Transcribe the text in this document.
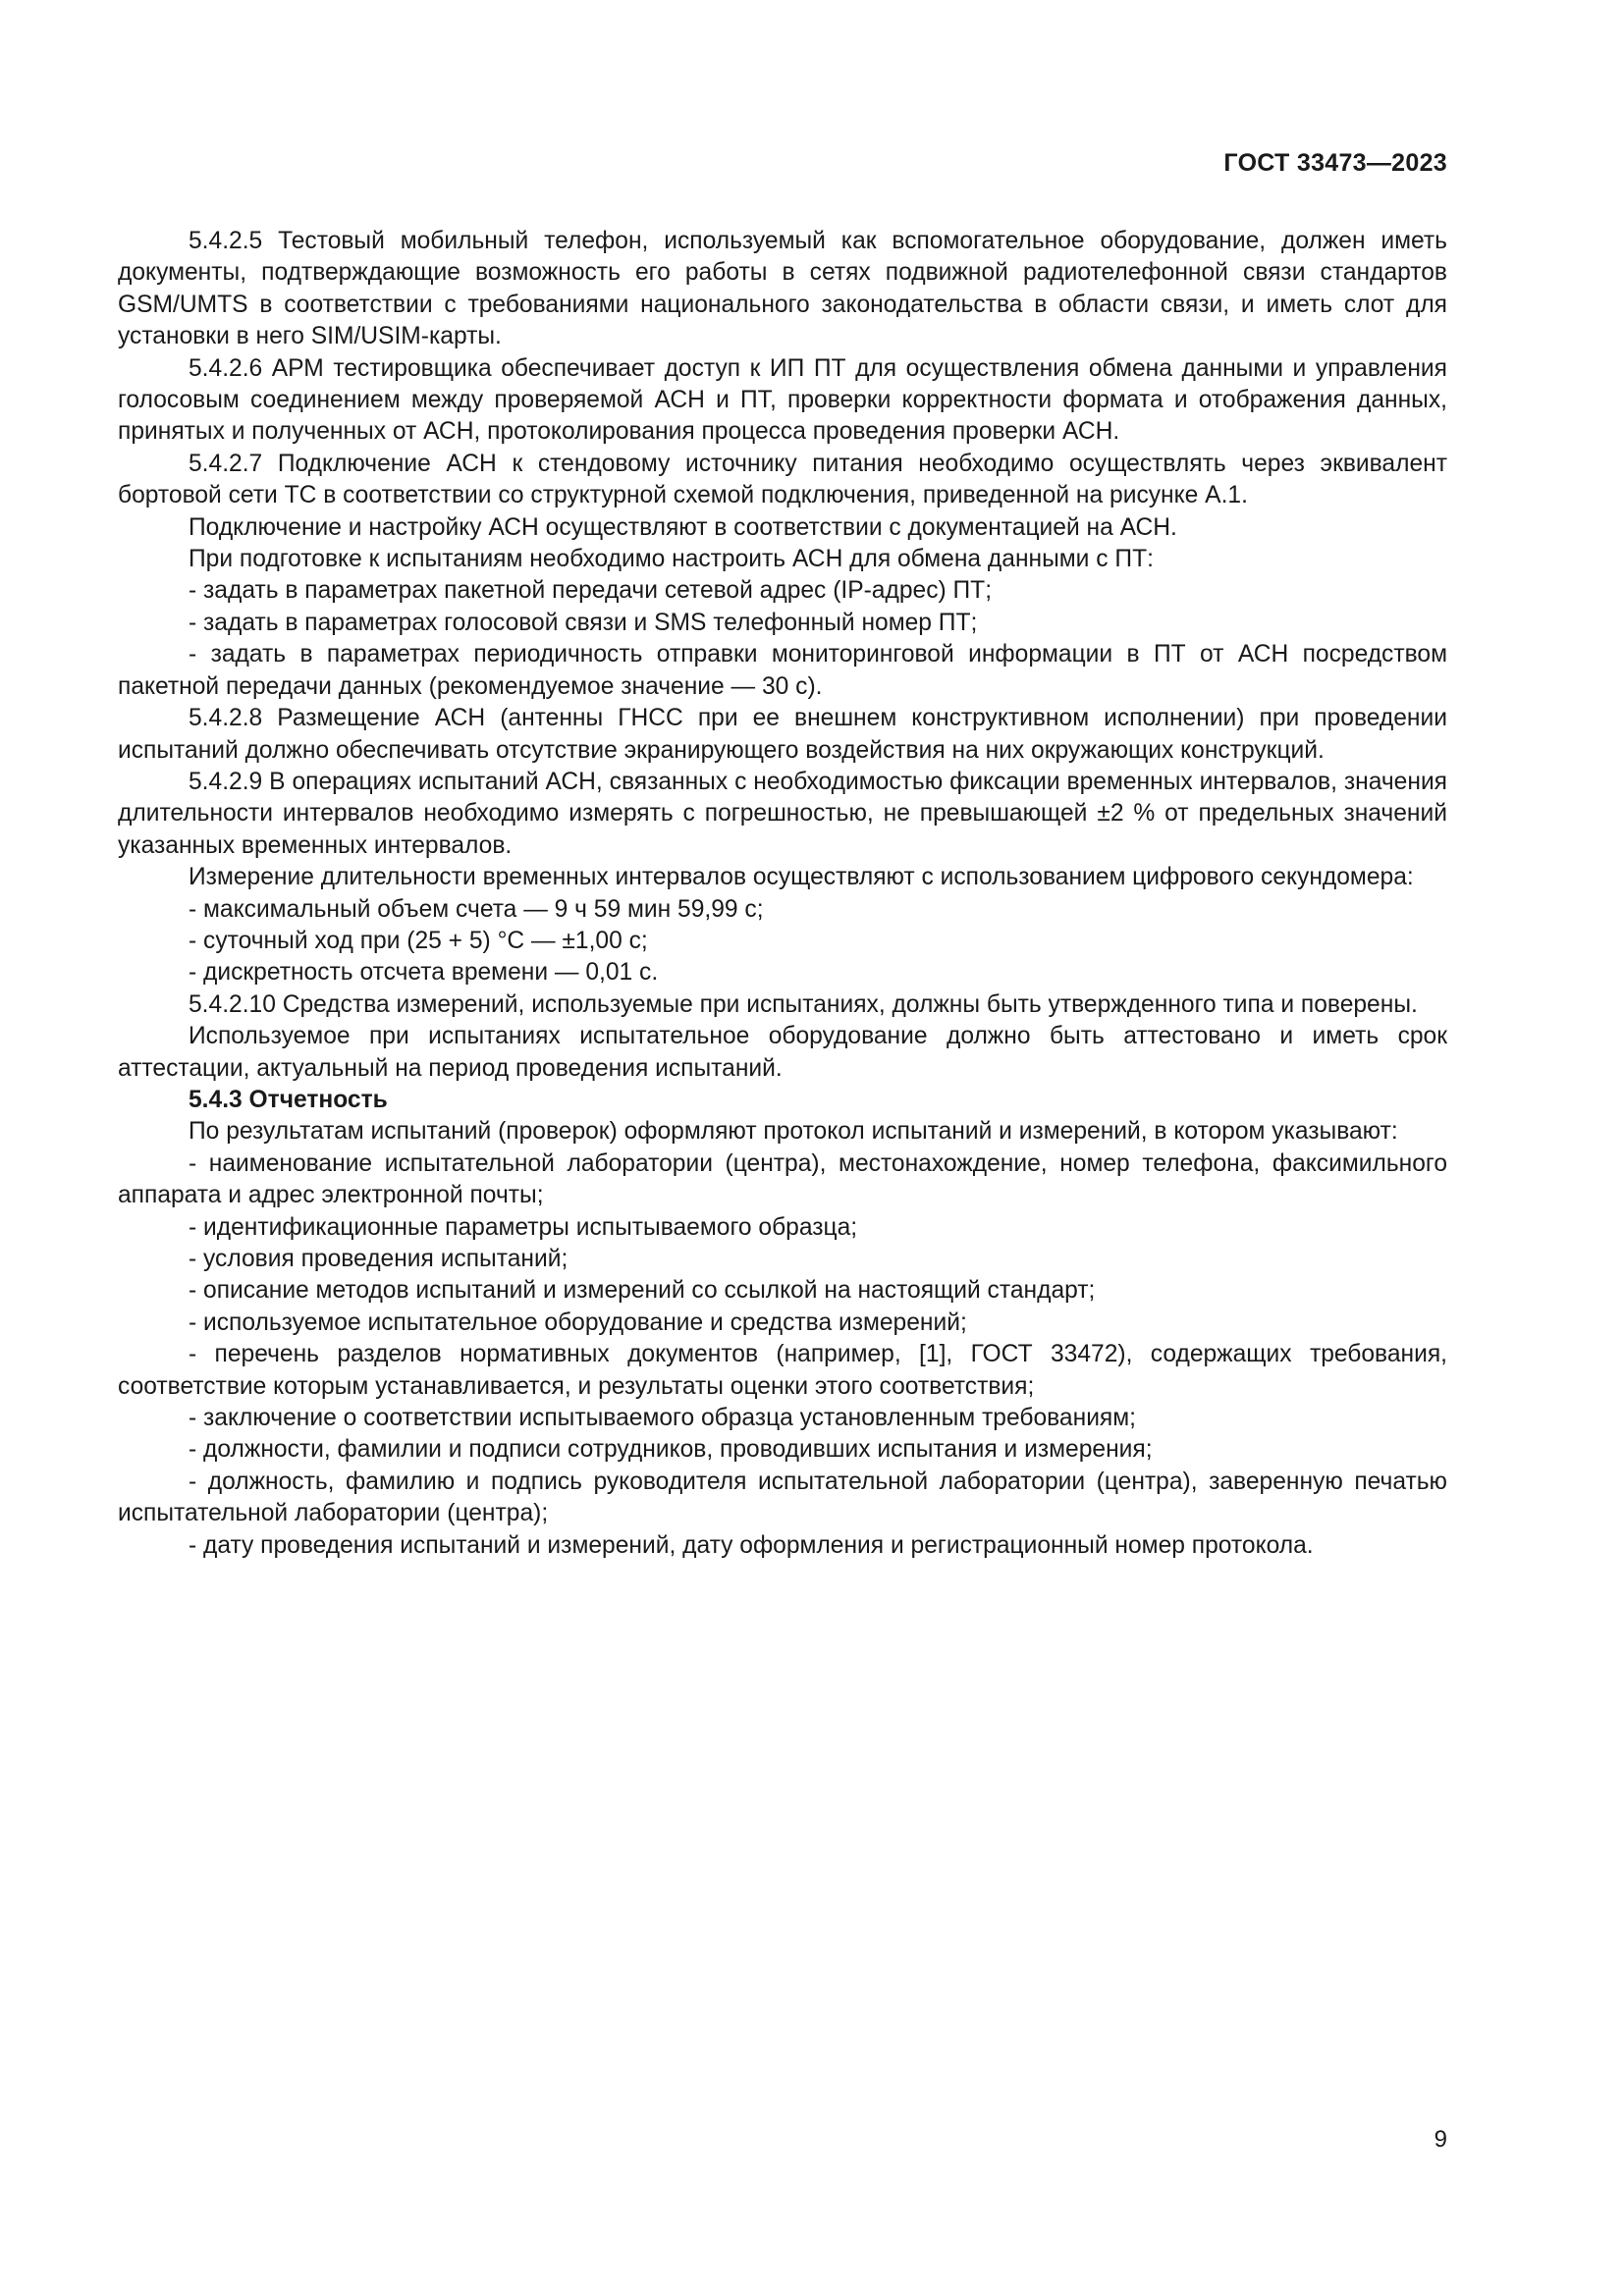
ГОСТ 33473—2023

5.4.2.5 Тестовый мобильный телефон, используемый как вспомогательное оборудование, должен иметь документы, подтверждающие возможность его работы в сетях подвижной радиотелефонной связи стандартов GSM/UMTS в соответствии с требованиями национального законодательства в области связи, и иметь слот для установки в него SIM/USIM-карты.

5.4.2.6 АРМ тестировщика обеспечивает доступ к ИП ПТ для осуществления обмена данными и управления голосовым соединением между проверяемой АСН и ПТ, проверки корректности формата и отображения данных, принятых и полученных от АСН, протоколирования процесса проведения проверки АСН.

5.4.2.7 Подключение АСН к стендовому источнику питания необходимо осуществлять через эквивалент бортовой сети ТС в соответствии со структурной схемой подключения, приведенной на рисунке А.1.

Подключение и настройку АСН осуществляют в соответствии с документацией на АСН.

При подготовке к испытаниям необходимо настроить АСН для обмена данными с ПТ:

- задать в параметрах пакетной передачи сетевой адрес (IP-адрес) ПТ;

- задать в параметрах голосовой связи и SMS телефонный номер ПТ;

- задать в параметрах периодичность отправки мониторинговой информации в ПТ от АСН посредством пакетной передачи данных (рекомендуемое значение — 30 с).

5.4.2.8 Размещение АСН (антенны ГНСС при ее внешнем конструктивном исполнении) при проведении испытаний должно обеспечивать отсутствие экранирующего воздействия на них окружающих конструкций.

5.4.2.9 В операциях испытаний АСН, связанных с необходимостью фиксации временных интервалов, значения длительности интервалов необходимо измерять с погрешностью, не превышающей ±2 % от предельных значений указанных временных интервалов.

Измерение длительности временных интервалов осуществляют с использованием цифрового секундомера:

- максимальный объем счета — 9 ч 59 мин 59,99 с;

- суточный ход при (25 + 5) °С — ±1,00 с;

- дискретность отсчета времени — 0,01 с.

5.4.2.10 Средства измерений, используемые при испытаниях, должны быть утвержденного типа и поверены.

Используемое при испытаниях испытательное оборудование должно быть аттестовано и иметь срок аттестации, актуальный на период проведения испытаний.

5.4.3 Отчетность

По результатам испытаний (проверок) оформляют протокол испытаний и измерений, в котором указывают:

- наименование испытательной лаборатории (центра), местонахождение, номер телефона, факсимильного аппарата и адрес электронной почты;

- идентификационные параметры испытываемого образца;

- условия проведения испытаний;

- описание методов испытаний и измерений со ссылкой на настоящий стандарт;

- используемое испытательное оборудование и средства измерений;

- перечень разделов нормативных документов (например, [1], ГОСТ 33472), содержащих требования, соответствие которым устанавливается, и результаты оценки этого соответствия;

- заключение о соответствии испытываемого образца установленным требованиям;

- должности, фамилии и подписи сотрудников, проводивших испытания и измерения;

- должность, фамилию и подпись руководителя испытательной лаборатории (центра), заверенную печатью испытательной лаборатории (центра);

- дату проведения испытаний и измерений, дату оформления и регистрационный номер протокола.

9
